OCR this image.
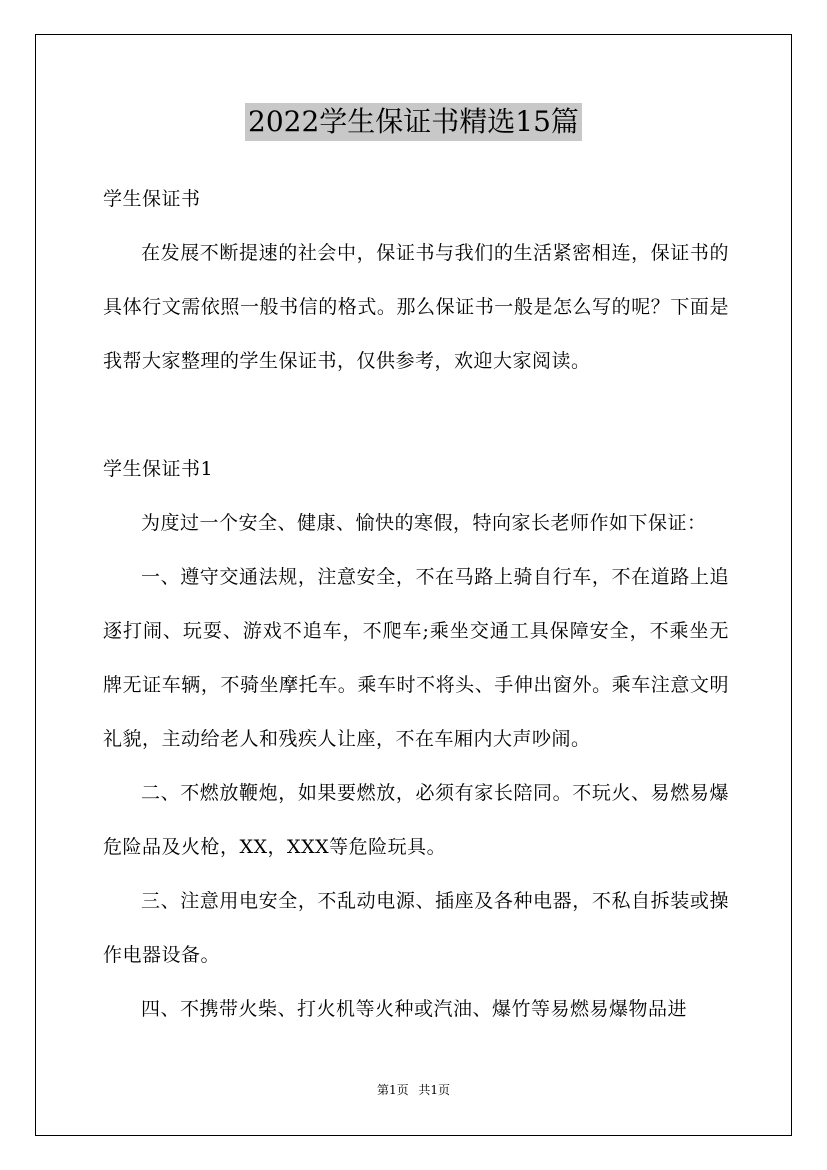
2022学生保证书精选15篇

学生保证书

在发展不断提速的社会中，保证书与我们的生活紧密相连，保证书的具体行文需依照一般书信的格式。那么保证书一般是怎么写的呢？下面是我帮大家整理的学生保证书，仅供参考，欢迎大家阅读。

学生保证书1

为度过一个安全、健康、愉快的寒假，特向家长老师作如下保证：

一、遵守交通法规，注意安全，不在马路上骑自行车，不在道路上追逐打闹、玩耍、游戏不追车，不爬车;乘坐交通工具保障安全，不乘坐无牌无证车辆，不骑坐摩托车。乘车时不将头、手伸出窗外。乘车注意文明礼貌，主动给老人和残疾人让座，不在车厢内大声吵闹。

二、不燃放鞭炮，如果要燃放，必须有家长陪同。不玩火、易燃易爆危险品及火枪，XX，XXX等危险玩具。

三、注意用电安全，不乱动电源、插座及各种电器，不私自拆装或操作电器设备。

四、不携带火柴、打火机等火种或汽油、爆竹等易燃易爆物品进

第1页 共1页
